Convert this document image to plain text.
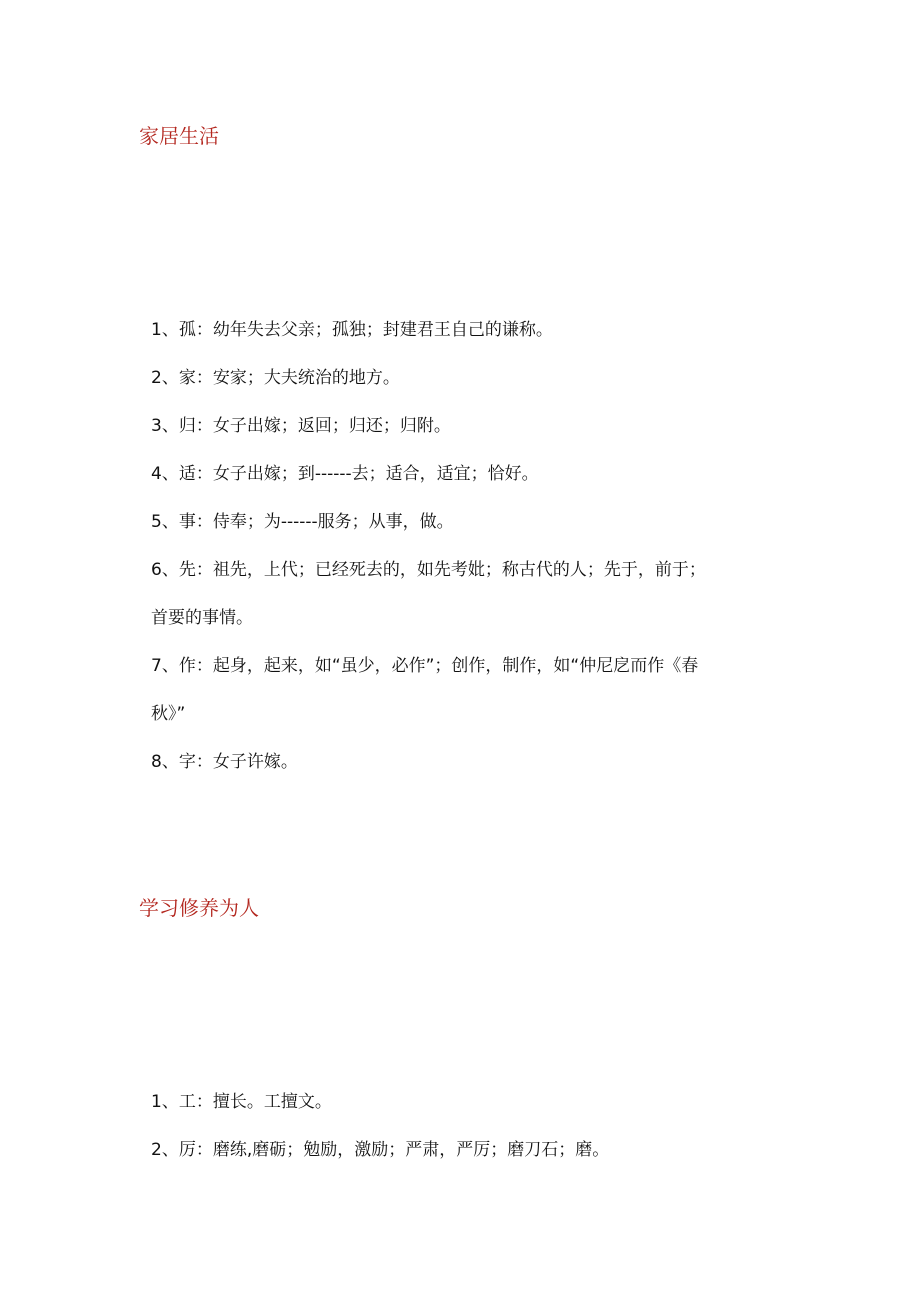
家居生活

1、孤：幼年失去父亲；孤独；封建君王自己的谦称。

2、家：安家；大夫统治的地方。

3、归：女子出嫁；返回；归还；归附。

4、适：女子出嫁；到------去；适合，适宜；恰好。

5、事：侍奉；为------服务；从事，做。

6、先：祖先，上代；已经死去的，如先考妣；称古代的人；先于，前于；

首要的事情。

7、作：起身，起来，如“虽少，必作”；创作，制作，如“仲尼戹而作《春

秋》”

8、字：女子许嫁。

学习修养为人

1、工：擅长。工擅文。

2、厉：磨练,磨砺；勉励，激励；严肃，严厉；磨刀石；磨。
